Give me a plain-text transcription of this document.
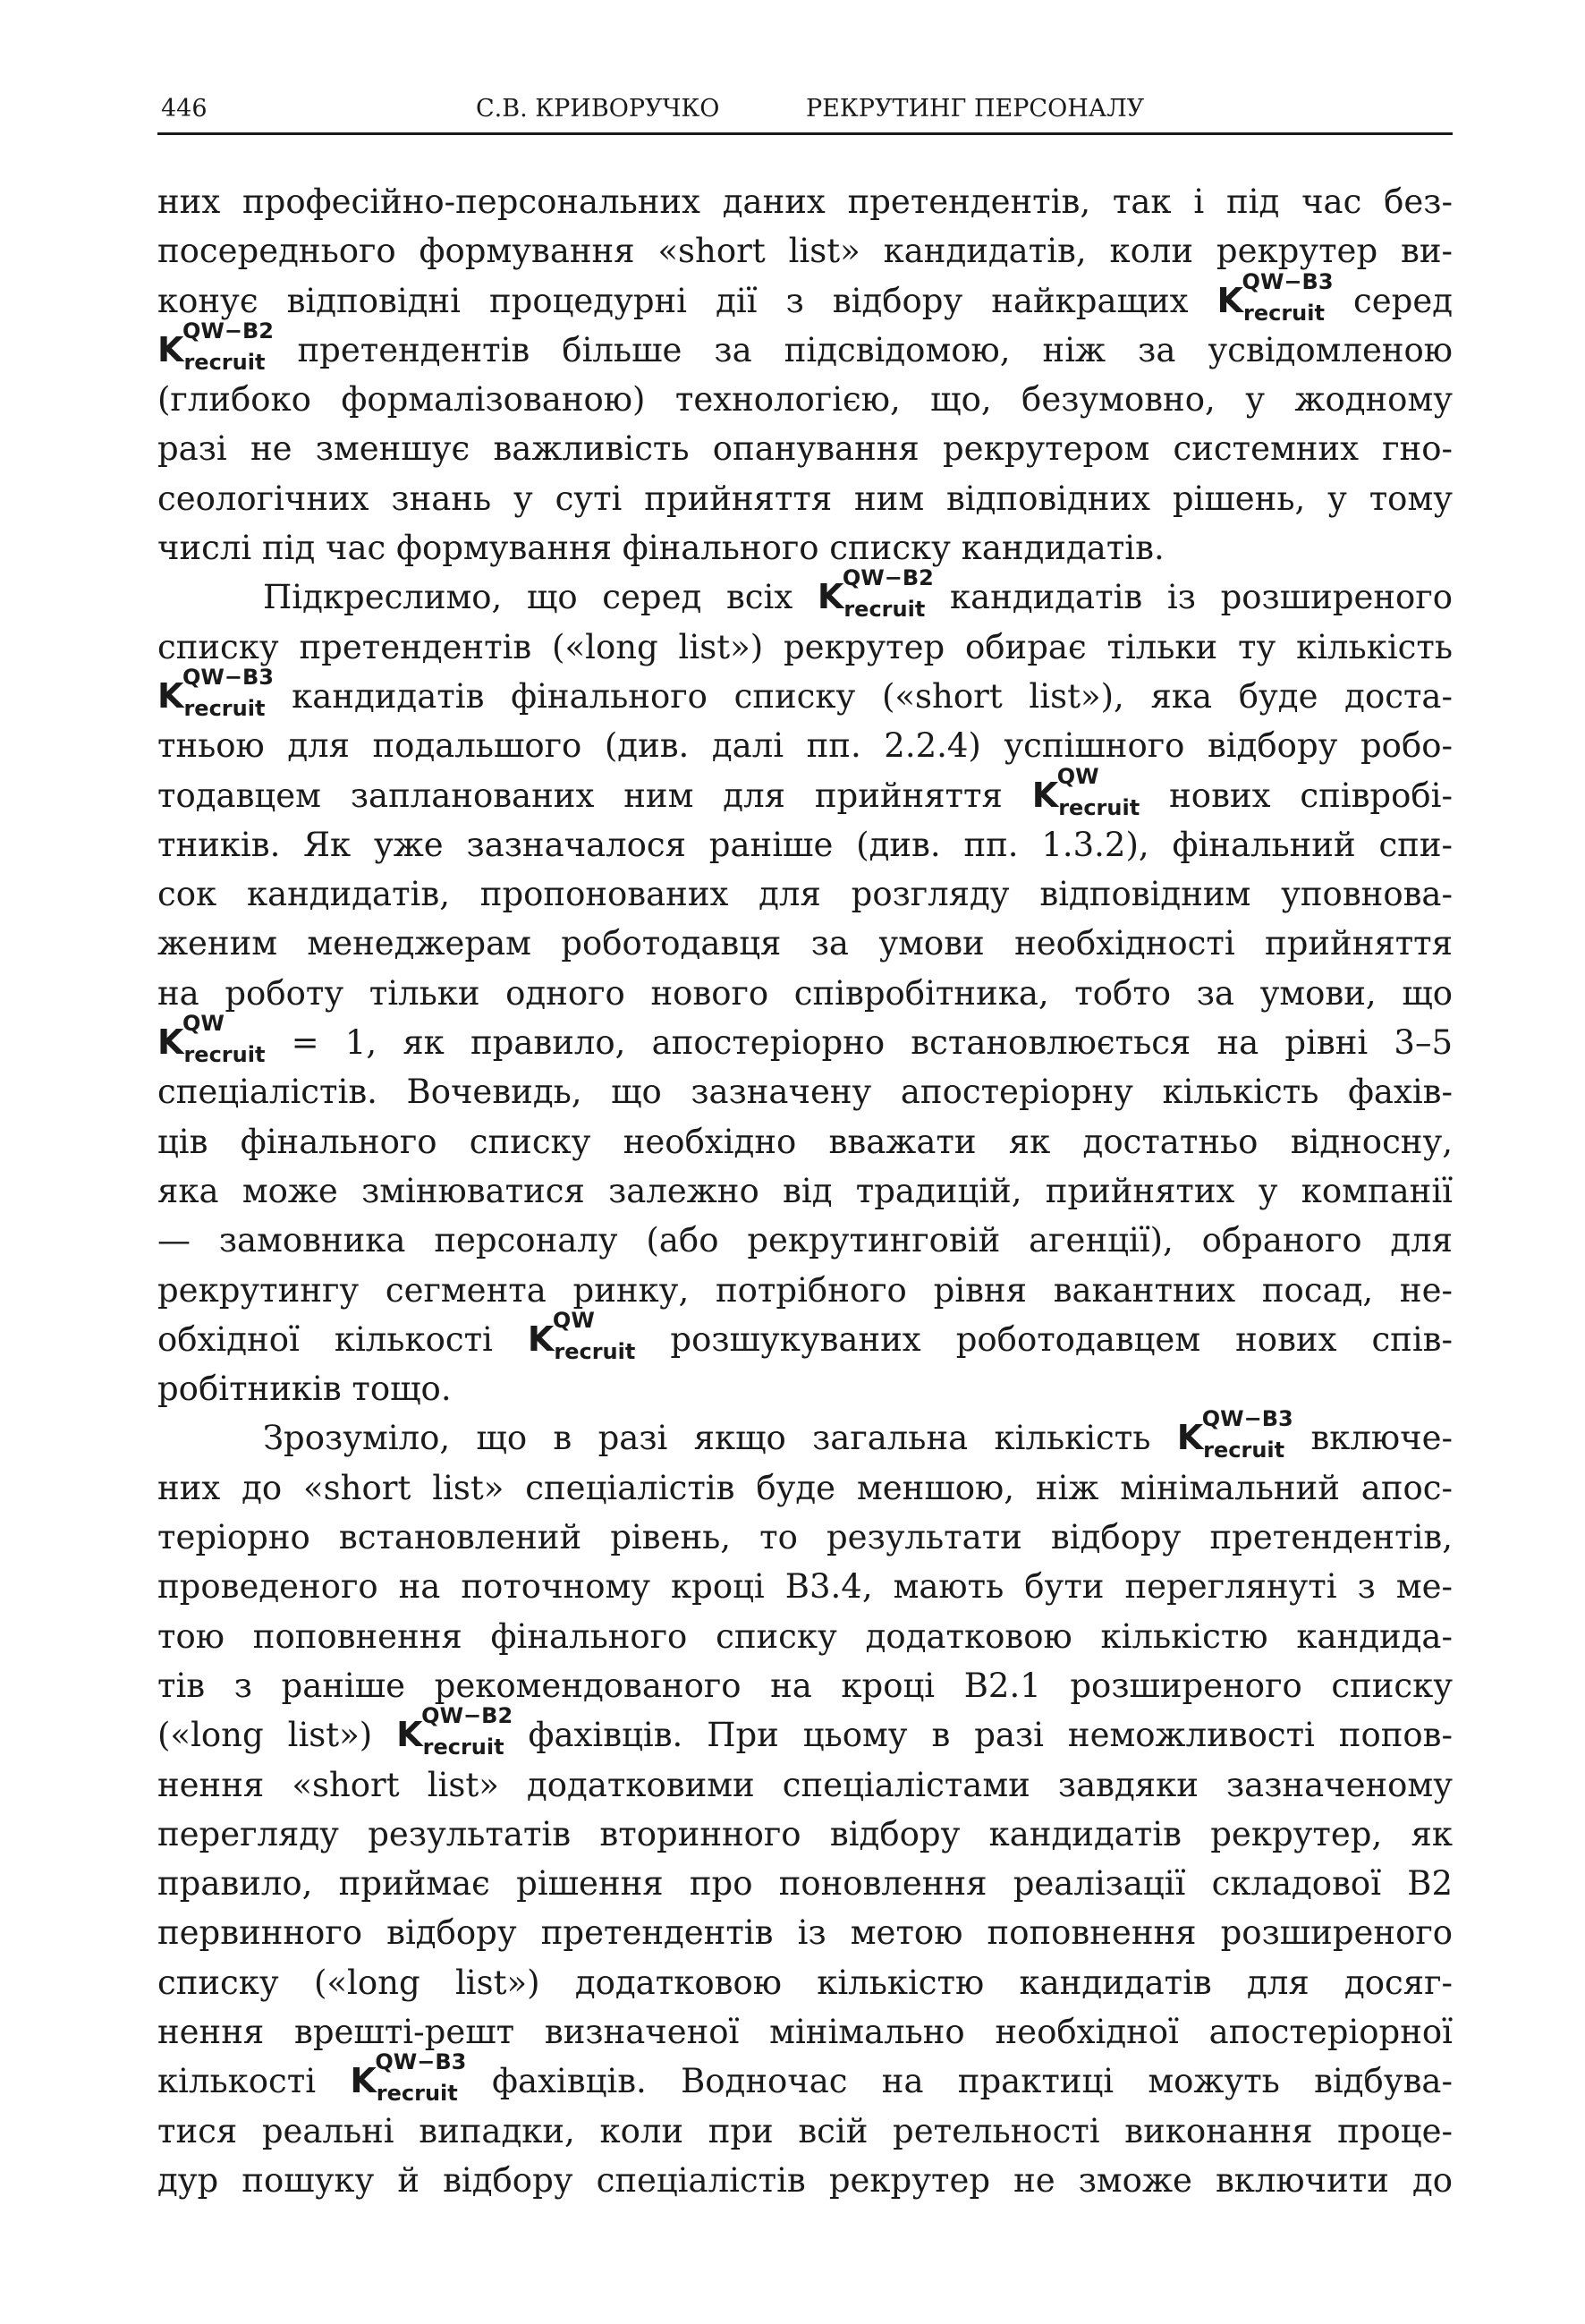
446	С.В. КРИВОРУЧКО	РЕКРУТИНГ ПЕРСОНАЛУ
них професійно-персональних даних претендентів, так і під час без-
посереднього формування «short list» кандидатів, коли рекрутер ви-
конує відповідні процедурні дії з відбору найкращих K
QW−B3
$_{recruit}$ серед
K
QW−B2
$_{recruit}$ претендентів більше за підсвідомою, ніж за усвідомленою
(глибоко формалізованою) технологією, що, безумовно, у жодному
разі не зменшує важливість опанування рекрутером системних гно-
сеологічних знань у суті прийняття ним відповідних рішень, у тому
числі під час формування фінального списку кандидатів.
Підкреслимо, що серед всіх K
QW−B2
$_{recruit}$ кандидатів із розширеного
списку претендентів («long list») рекрутер обирає тільки ту кількість
K
QW−B3
$_{recruit}$ кандидатів фінального списку («short list»), яка буде доста-
тньою для подальшого (див. далі пп. 2.2.4) успішного відбору робо-
тодавцем запланованих ним для прийняття K
QW
$_{recruit}$ нових співробі-
тників. Як уже зазначалося раніше (див. пп. 1.3.2), фінальний спи-
сок кандидатів, пропонованих для розгляду відповідним уповнова-
женим менеджерам роботодавця за умови необхідності прийняття
на роботу тільки одного нового співробітника, тобто за умови, що
K
QW
$_{recruit}$ = 1, як правило, апостеріорно встановлюється на рівні 3–5
спеціалістів. Вочевидь, що зазначену апостеріорну кількість фахів-
ців фінального списку необхідно вважати як достатньо відносну,
яка може змінюватися залежно від традицій, прийнятих у компанії
— замовника персоналу (або рекрутинговій агенції), обраного для
рекрутингу сегмента ринку, потрібного рівня вакантних посад, не-
обхідної кількості K
QW
$_{recruit}$ розшукуваних роботодавцем нових спів-
робітників тощо.
Зрозуміло, що в разі якщо загальна кількість K
QW−B3
$_{recruit}$ включе-
них до «short list» спеціалістів буде меншою, ніж мінімальний апос-
теріорно встановлений рівень, то результати відбору претендентів,
проведеного на поточному кроці В3.4, мають бути переглянуті з ме-
тою поповнення фінального списку додатковою кількістю кандида-
тів з раніше рекомендованого на кроці В2.1 розширеного списку
(«long list») K
QW−B2
$_{recruit}$ фахівців. При цьому в разі неможливості попов-
нення «short list» додатковими спеціалістами завдяки зазначеному
перегляду результатів вторинного відбору кандидатів рекрутер, як
правило, приймає рішення про поновлення реалізації складової В2
первинного відбору претендентів із метою поповнення розширеного
списку («long list») додатковою кількістю кандидатів для досяг-
нення врешті-решт визначеної мінімально необхідної апостеріорної
кількості K
QW−B3
$_{recruit}$ фахівців. Водночас на практиці можуть відбува-
тися реальні випадки, коли при всій ретельності виконання проце-
дур пошуку й відбору спеціалістів рекрутер не зможе включити до
